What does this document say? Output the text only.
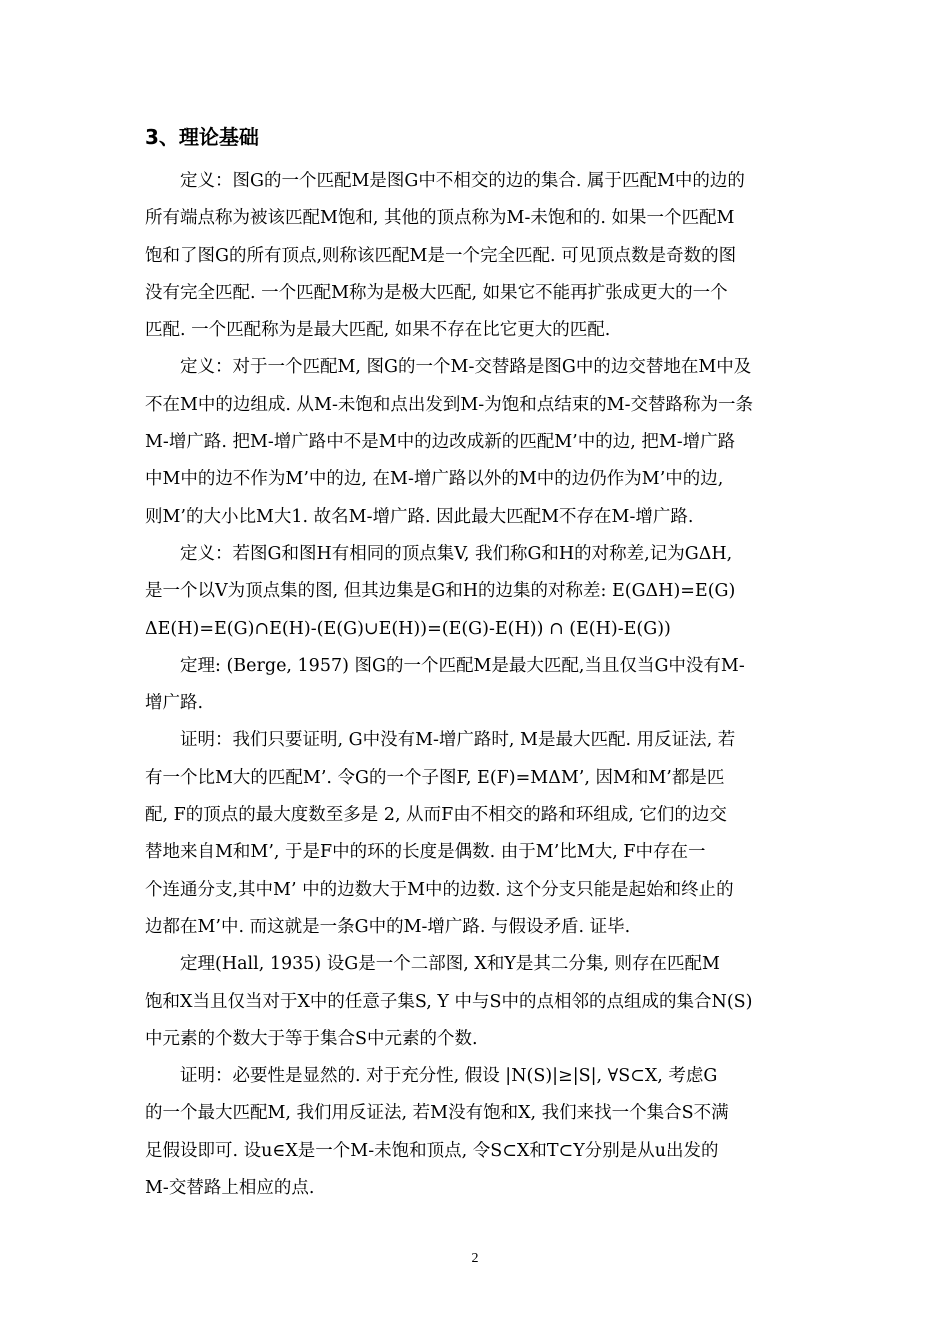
3、理论基础

定义：图G的一个匹配M是图G中不相交的边的集合. 属于匹配M中的边的
所有端点称为被该匹配M饱和, 其他的顶点称为M-未饱和的. 如果一个匹配M
饱和了图G的所有顶点,则称该匹配M是一个完全匹配. 可见顶点数是奇数的图
没有完全匹配. 一个匹配M称为是极大匹配, 如果它不能再扩张成更大的一个
匹配. 一个匹配称为是最大匹配, 如果不存在比它更大的匹配.

定义：对于一个匹配M, 图G的一个M-交替路是图G中的边交替地在M中及
不在M中的边组成. 从M-未饱和点出发到M-为饱和点结束的M-交替路称为一条
M-增广路. 把M-增广路中不是M中的边改成新的匹配M’中的边, 把M-增广路
中M中的边不作为M’中的边, 在M-增广路以外的M中的边仍作为M’中的边,
则M’的大小比M大1. 故名M-增广路. 因此最大匹配M不存在M-增广路.

定义：若图G和图H有相同的顶点集V, 我们称G和H的对称差,记为GΔH,
是一个以V为顶点集的图, 但其边集是G和H的边集的对称差: E(GΔH)=E(G)
ΔE(H)=E(G)∩E(H)-(E(G)∪E(H))=(E(G)-E(H)) ∩ (E(H)-E(G))

定理: (Berge, 1957) 图G的一个匹配M是最大匹配,当且仅当G中没有M-
增广路.

证明：我们只要证明, G中没有M-增广路时, M是最大匹配. 用反证法, 若
有一个比M大的匹配M’. 令G的一个子图F, E(F)=MΔM’, 因M和M’都是匹
配, F的顶点的最大度数至多是 2, 从而F由不相交的路和环组成, 它们的边交
替地来自M和M’, 于是F中的环的长度是偶数. 由于M’比M大, F中存在一
个连通分支,其中M’ 中的边数大于M中的边数. 这个分支只能是起始和终止的
边都在M’中. 而这就是一条G中的M-增广路. 与假设矛盾. 证毕.

定理(Hall, 1935) 设G是一个二部图, X和Y是其二分集, 则存在匹配M
饱和X当且仅当对于X中的任意子集S, Y 中与S中的点相邻的点组成的集合N(S)
中元素的个数大于等于集合S中元素的个数.

证明：必要性是显然的. 对于充分性, 假设 |N(S)|≥|S|, ∀S⊂X, 考虑G
的一个最大匹配M, 我们用反证法, 若M没有饱和X, 我们来找一个集合S不满
足假设即可. 设u∈X是一个M-未饱和顶点, 令S⊂X和T⊂Y分别是从u出发的
M-交替路上相应的点.

2
